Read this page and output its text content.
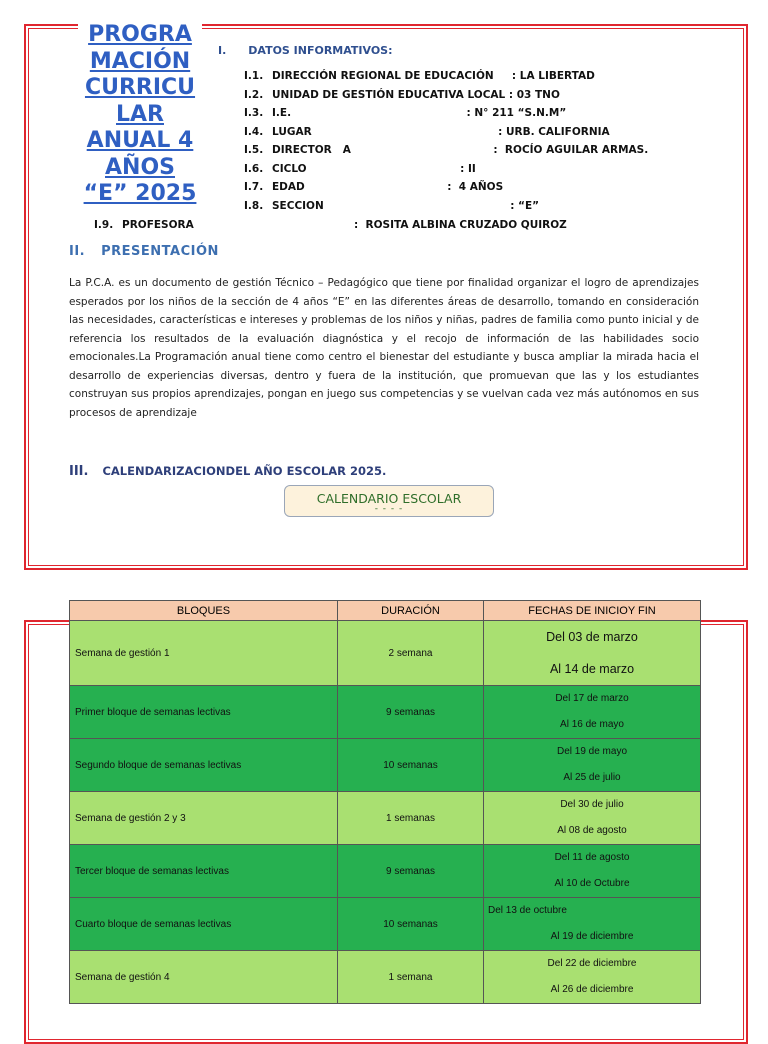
PROGRA
MACIÓN
CURRICU
LAR
ANUAL 4
AÑOS
“E” 2025
I. DATOS INFORMATIVOS:
I.1. DIRECCIÓN REGIONAL DE EDUCACIÓN     : LA LIBERTAD
I.2. UNIDAD DE GESTIÓN EDUCATIVA LOCAL : 03 TNO
I.3. I.E.                                                : N° 211 “S.N.M”
I.4. LUGAR                                                   : URB. CALIFORNIA
I.5. DIRECTOR   A                                       :  ROCÍO AGUILAR ARMAS.
I.6. CICLO                                          : II
I.7. EDAD                                       :  4 AÑOS
I.8. SECCION                                                   : “E”
I.9. PROFESORA	:  ROSITA ALBINA CRUZADO QUIROZ
II. PRESENTACIÓN
La P.C.A. es un documento de gestión Técnico – Pedagógico que tiene por finalidad organizar el logro de aprendizajes esperados por los niños de la sección de 4 años “E” en las diferentes áreas de desarrollo, tomando en consideración las necesidades, características e intereses y problemas de los niños y niñas, padres de familia como punto inicial y de referencia los resultados de la evaluación diagnóstica y el recojo de información de las habilidades socio emocionales.La Programación anual tiene como centro el bienestar del estudiante y busca ampliar la mirada hacia el desarrollo de experiencias diversas, dentro y fuera de la institución, que promuevan que las y los estudiantes construyan sus propios aprendizajes, pongan en juego sus competencias y se vuelvan cada vez más autónomos en sus procesos de aprendizaje
III. CALENDARIZACIONDEL AÑO ESCOLAR 2025.
CALENDARIO ESCOLAR
- - - -
BLOQUES	DURACIÓN	FECHAS DE INICIOY FIN
Semana de gestión 1	2 semana	Del 03 de marzo
Al 14 de marzo

Primer bloque de semanas lectivas	9 semanas	Del 17 de marzo
Al 16 de mayo

Segundo bloque de semanas lectivas	10 semanas	Del 19 de mayo
Al 25 de julio

Semana de gestión 2 y 3	1 semanas	Del 30 de julio
Al 08 de agosto

Tercer bloque de semanas lectivas	9 semanas	Del 11 de agosto
Al 10 de Octubre

Cuarto bloque de semanas lectivas	10 semanas	Del 13 de octubre
Al 19 de diciembre

Semana de gestión 4	1 semana	Del 22 de diciembre
Al 26 de diciembre
